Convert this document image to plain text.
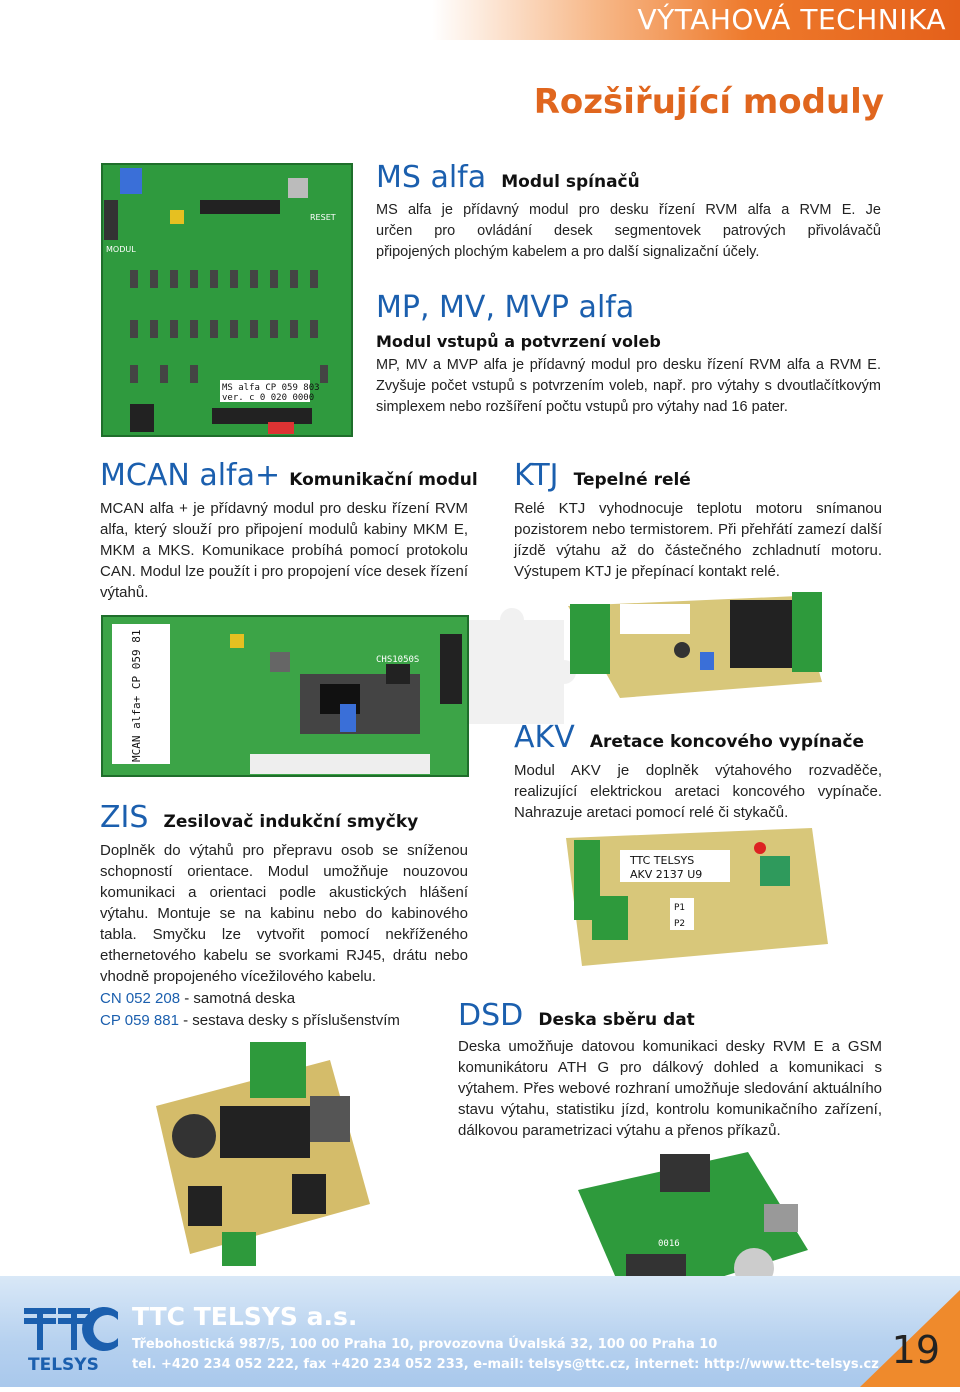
VÝTAHOVÁ TECHNIKA
Rozšiřující moduly
MS alfa CP 059 803
ver. c 0 020 0000
RESET
MODUL
MS alfa Modul spínačů
MS alfa je přídavný modul pro desku řízení RVM alfa a RVM E. Je
určen pro ovládání desek segmentovek patrových přivolávačů
připojených plochým kabelem a pro další signalizační účely.
MP, MV, MVP alfa
Modul vstupů a potvrzení voleb
MP, MV a MVP alfa je přídavný modul pro desku řízení RVM alfa a RVM E. Zvyšuje počet vstupů s potvrzením voleb, např. pro výtahy s dvoutlačítkovým simplexem nebo rozšíření počtu vstupů pro výtahy nad 16 pater.
MCAN alfa+ Komunikační modul
MCAN alfa + je přídavný modul pro desku řízení RVM alfa, který slouží pro připojení modulů kabiny MKM E, MKM a MKS. Komunikace probíhá pomocí protokolu CAN. Modul lze použít i pro propojení více desek řízení výtahů.
KTJ Tepelné relé
Relé KTJ vyhodnocuje teplotu motoru snímanou pozistorem nebo termistorem. Při přehřátí zamezí další jízdě výtahu až do částečného zchladnutí motoru. Výstupem KTJ je přepínací kontakt relé.
MCAN alfa+ CP 059 81	CHS1050S
AKV Aretace koncového vypínače
Modul AKV je doplněk výtahového rozvaděče, realizující elektrickou aretaci koncového vypínače. Nahrazuje aretaci pomocí relé či stykačů.
TTC TELSYS
AKV 2137 U9
P1
P2
ZIS Zesilovač indukční smyčky
Doplněk do výtahů pro přepravu osob se sníženou schopností orientace. Modul umožňuje nouzovou komunikaci a orientaci podle akustických hlášení výtahu. Montuje se na kabinu nebo do kabinového tabla. Smyčku lze vytvořit pomocí nekříženého ethernetového kabelu se svorkami RJ45, drátu nebo vhodně propojeného vícežilového kabelu.
CN 052 208 - samotná deska
CP 059 881 - sestava desky s příslušenstvím	DSD Deska sběru dat
Deska umožňuje datovou komunikaci desky RVM E a GSM komunikátoru ATH G pro dálkový dohled a komunikaci s výtahem. Přes webové rozhraní umožňuje sledování aktuálního stavu výtahu, statistiku jízd, kontrolu komunikačního zařízení, dálkovou parametrizaci výtahu a přenos příkazů.
0016
TELSYS
TTC TELSYS a.s.
Třebohostická 987/5, 100 00 Praha 10, provozovna Úvalská 32, 100 00 Praha 10
tel. +420 234 052 222, fax +420 234 052 233, e-mail: telsys@ttc.cz, internet: http://www.ttc-telsys.cz 19
